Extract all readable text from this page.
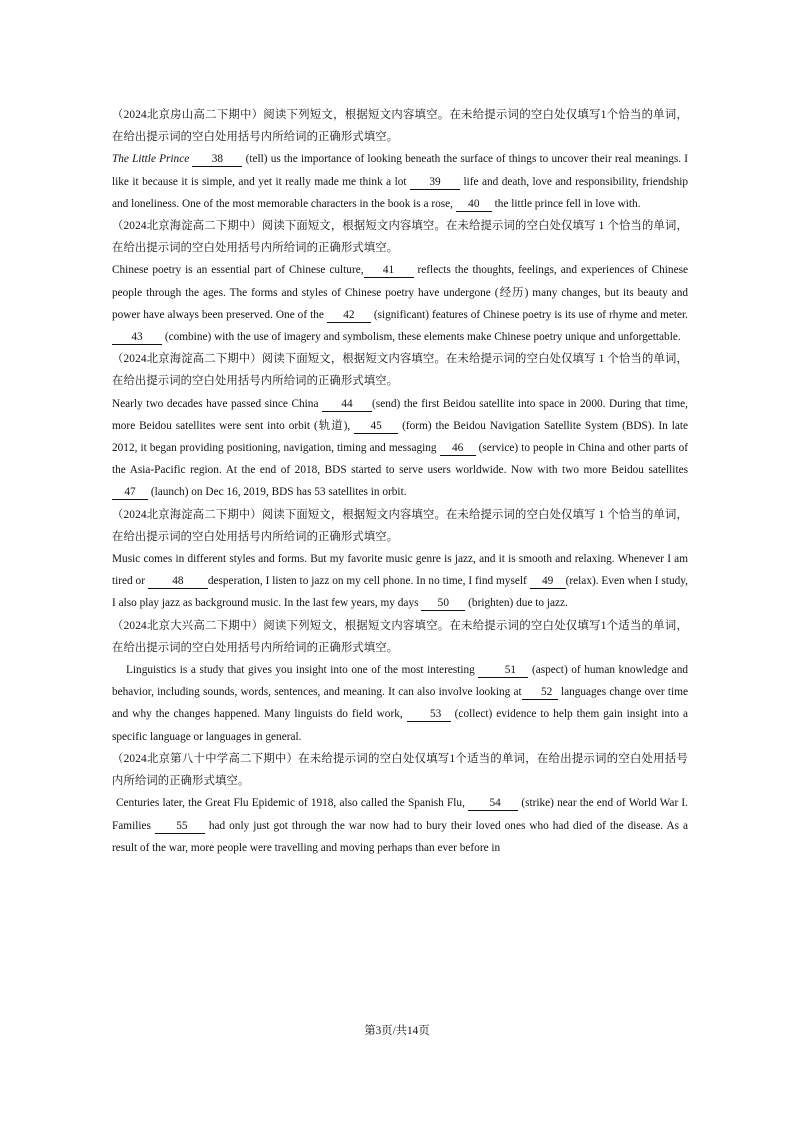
（2024北京房山高二下期中）阅读下列短文，根据短文内容填空。在未给提示词的空白处仅填写1个恰当的单词，在给出提示词的空白处用括号内所给词的正确形式填空。

The Little Prince 38 (tell) us the importance of looking beneath the surface of things to uncover their real meanings. I like it because it is simple, and yet it really made me think a lot 39 life and death, love and responsibility, friendship and loneliness. One of the most memorable characters in the book is a rose, 40 the little prince fell in love with.

（2024北京海淀高二下期中）阅读下面短文，根据短文内容填空。在未给提示词的空白处仅填写 1 个恰当的单词，在给出提示词的空白处用括号内所给词的正确形式填空。

Chinese poetry is an essential part of Chinese culture, 41 reflects the thoughts, feelings, and experiences of Chinese people through the ages. The forms and styles of Chinese poetry have undergone (经历) many changes, but its beauty and power have always been preserved. One of the 42 (significant) features of Chinese poetry is its use of rhyme and meter. 43 (combine) with the use of imagery and symbolism, these elements make Chinese poetry unique and unforgettable.

（2024北京海淀高二下期中）阅读下面短文，根据短文内容填空。在未给提示词的空白处仅填写 1 个恰当的单词，在给出提示词的空白处用括号内所给词的正确形式填空。

Nearly two decades have passed since China 44 (send) the first Beidou satellite into space in 2000. During that time, more Beidou satellites were sent into orbit (轨道), 45 (form) the Beidou Navigation Satellite System (BDS). In late 2012, it began providing positioning, navigation, timing and messaging 46 (service) to people in China and other parts of the Asia-Pacific region. At the end of 2018, BDS started to serve users worldwide. Now with two more Beidou satellites 47 (launch) on Dec 16, 2019, BDS has 53 satellites in orbit.

（2024北京海淀高二下期中）阅读下面短文，根据短文内容填空。在未给提示词的空白处仅填写 1 个恰当的单词，在给出提示词的空白处用括号内所给词的正确形式填空。

Music comes in different styles and forms. But my favorite music genre is jazz, and it is smooth and relaxing. Whenever I am tired or 48 desperation, I listen to jazz on my cell phone. In no time, I find myself 49 (relax). Even when I study, I also play jazz as background music. In the last few years, my days 50 (brighten) due to jazz.

（2024北京大兴高二下期中）阅读下列短文，根据短文内容填空。在未给提示词的空白处仅填写1个适当的单词，在给出提示词的空白处用括号内所给词的正确形式填空。

Linguistics is a study that gives you insight into one of the most interesting 51 (aspect) of human knowledge and behavior, including sounds, words, sentences, and meaning. It can also involve looking at 52 languages change over time and why the changes happened. Many linguists do field work, 53 (collect) evidence to help them gain insight into a specific language or languages in general.

（2024北京第八十中学高二下期中）在未给提示词的空白处仅填写1个适当的单词，在给出提示词的空白处用括号内所给词的正确形式填空。

Centuries later, the Great Flu Epidemic of 1918, also called the Spanish Flu, 54 (strike) near the end of World War I. Families 55 had only just got through the war now had to bury their loved ones who had died of the disease. As a result of the war, more people were travelling and moving perhaps than ever before in

第3页/共14页
